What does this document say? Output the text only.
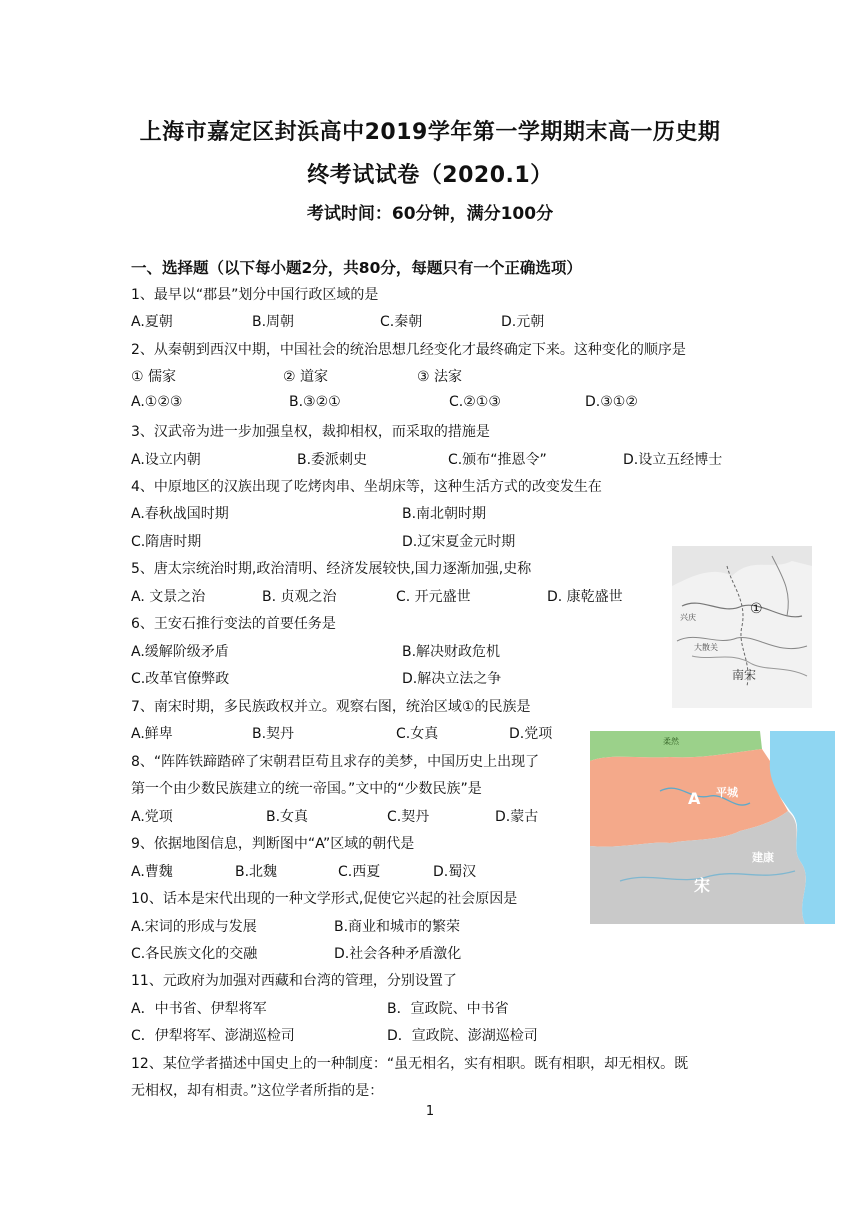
上海市嘉定区封浜高中2019学年第一学期期末高一历史期
终考试试卷（2020.1）
考试时间：60分钟，满分100分
一、选择题（以下每小题2分，共80分，每题只有一个正确选项）
1、最早以“郡县”划分中国行政区域的是
A.夏朝	B.周朝	C.秦朝	D.元朝
2、从秦朝到西汉中期，中国社会的统治思想几经变化才最终确定下来。这种变化的顺序是
① 儒家	② 道家	③ 法家
A.①②③	B.③②①	C.②①③	D.③①②
3、汉武帝为进一步加强皇权，裁抑相权，而采取的措施是
A.设立内朝	B.委派刺史	C.颁布“推恩令”	D.设立五经博士
4、中原地区的汉族出现了吃烤肉串、坐胡床等，这种生活方式的改变发生在
A.春秋战国时期	B.南北朝时期
C.隋唐时期	D.辽宋夏金元时期
5、唐太宗统治时期,政治清明、经济发展较快,国力逐渐加强,史称
A. 文景之治	B. 贞观之治	C. 开元盛世	D. 康乾盛世
6、王安石推行变法的首要任务是
A.缓解阶级矛盾	B.解决财政危机
C.改革官僚弊政	D.解决立法之争
7、南宋时期，多民族政权并立。观察右图，统治区域①的民族是
A.鲜卑	B.契丹	C.女真	D.党项
8、“阵阵铁蹄踏碎了宋朝君臣苟且求存的美梦，中国历史上出现了
第一个由少数民族建立的统一帝国。”文中的“少数民族”是
A.党项	B.女真	C.契丹	D.蒙古
9、依据地图信息，判断图中“A”区域的朝代是
A.曹魏	B.北魏	C.西夏	D.蜀汉
10、话本是宋代出现的一种文学形式,促使它兴起的社会原因是
A.宋词的形成与发展	B.商业和城市的繁荣
C.各民族文化的交融	D.社会各种矛盾激化
11、元政府为加强对西藏和台湾的管理，分别设置了
A．中书省、伊犁将军	B．宣政院、中书省
C．伊犁将军、澎湖巡检司	D．宣政院、澎湖巡检司
12、某位学者描述中国史上的一种制度：“虽无相名，实有相职。既有相职，却无相权。既
无相权，却有相责。”这位学者所指的是：
1
兴庆
大散关
①
南宋
柔然
A 平城
建康
宋
